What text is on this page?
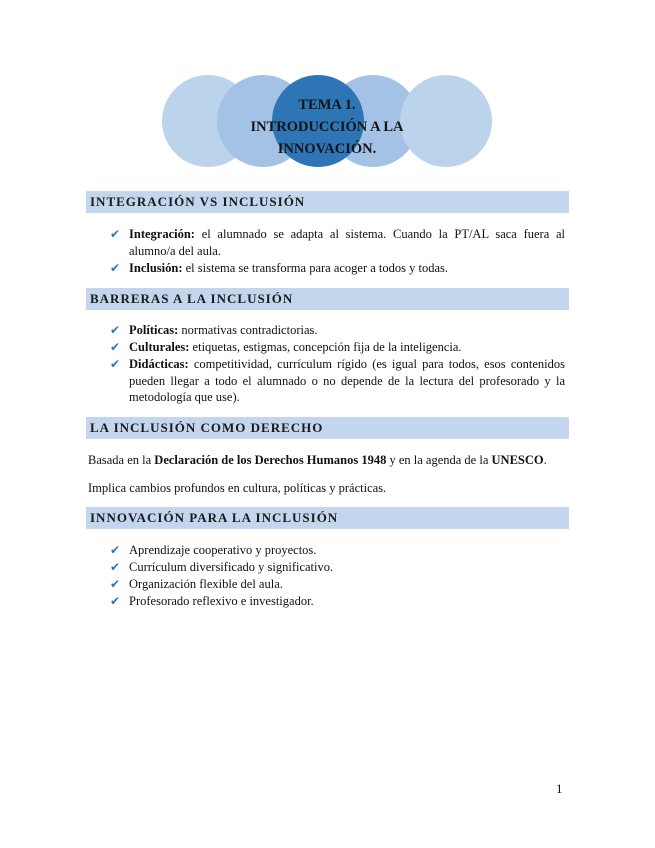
TEMA 1.
INTRODUCCIÓN A LA
INNOVACIÓN.
INTEGRACIÓN VS INCLUSIÓN
✔ Integración: el alumnado se adapta al sistema. Cuando la PT/AL saca fuera al alumno/a del aula.
✔ Inclusión: el sistema se transforma para acoger a todos y todas.
BARRERAS A LA INCLUSIÓN
✔ Políticas: normativas contradictorias.
✔ Culturales: etiquetas, estigmas, concepción fija de la inteligencia.
✔ Didácticas: competitividad, currículum rígido (es igual para todos, esos contenidos pueden llegar a todo el alumnado o no depende de la lectura del profesorado y la metodología que use).
LA INCLUSIÓN COMO DERECHO
Basada en la Declaración de los Derechos Humanos 1948 y en la agenda de la UNESCO.
Implica cambios profundos en cultura, políticas y prácticas.
INNOVACIÓN PARA LA INCLUSIÓN
✔ Aprendizaje cooperativo y proyectos.
✔ Currículum diversificado y significativo.
✔ Organización flexible del aula.
✔ Profesorado reflexivo e investigador.
1
